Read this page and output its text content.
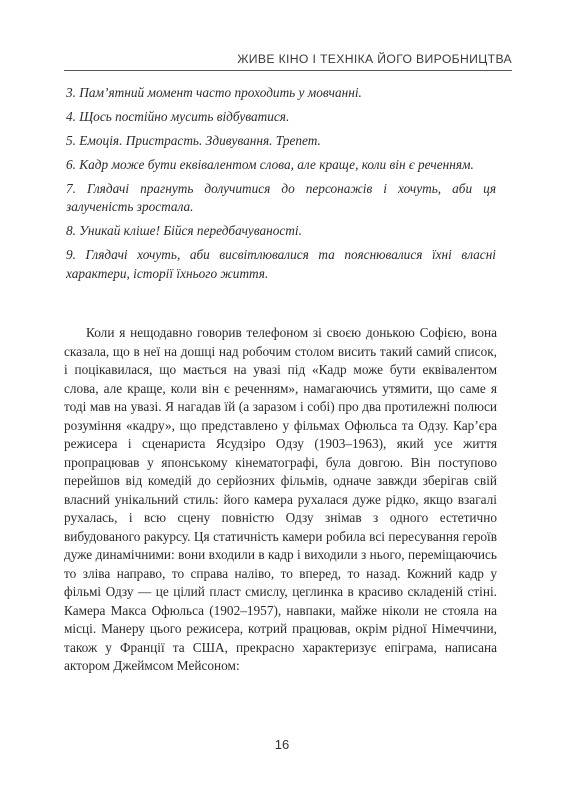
ЖИВЕ КІНО І ТЕХНІКА ЙОГО ВИРОБНИЦТВА
3. Пам’ятний момент часто проходить у мовчанні.
4. Щось постійно мусить відбуватися.
5. Емоція. Пристрасть. Здивування. Трепет.
6. Кадр може бути еквівалентом слова, але краще, коли він є реченням.
7. Глядачі прагнуть долучитися до персонажів і хочуть, аби ця залученість зростала.
8. Уникай кліше! Бійся передбачуваності.
9. Глядачі хочуть, аби висвітлювалися та пояснювалися їхні власні характери, історії їхнього життя.

Коли я нещодавно говорив телефоном зі своєю донькою Софією, вона сказала, що в неї на дошці над робочим столом висить такий самий список, і поцікавилася, що мається на увазі під «Кадр може бути еквівалентом слова, але краще, коли він є реченням», намагаючись утямити, що саме я тоді мав на увазі. Я нагадав їй (а заразом і собі) про два протилежні полюси розуміння «кадру», що представлено у фільмах Офюльса та Одзу. Кар’єра режисера і сценариста Ясудзіро Одзу (1903–1963), який усе життя пропрацював у японському кінематографі, була довгою. Він поступово перейшов від комедій до серйозних фільмів, одначе завжди зберігав свій власний унікальний стиль: його камера рухалася дуже рідко, якщо взагалі рухалась, і всю сцену повністю Одзу знімав з одного естетично вибудованого ракурсу. Ця статичність камери робила всі пересування героїв дуже динамічними: вони входили в кадр і виходили з нього, переміщаючись то зліва направо, то справа наліво, то вперед, то назад. Кожний кадр у фільмі Одзу — це цілий пласт смислу, цеглинка в красиво складеній стіні. Камера Макса Офюльса (1902–1957), навпаки, майже ніколи не стояла на місці. Манеру цього режисера, котрий працював, окрім рідної Німеччини, також у Франції та США, прекрасно характеризує епіграма, написана актором Джеймсом Мейсоном:

16
